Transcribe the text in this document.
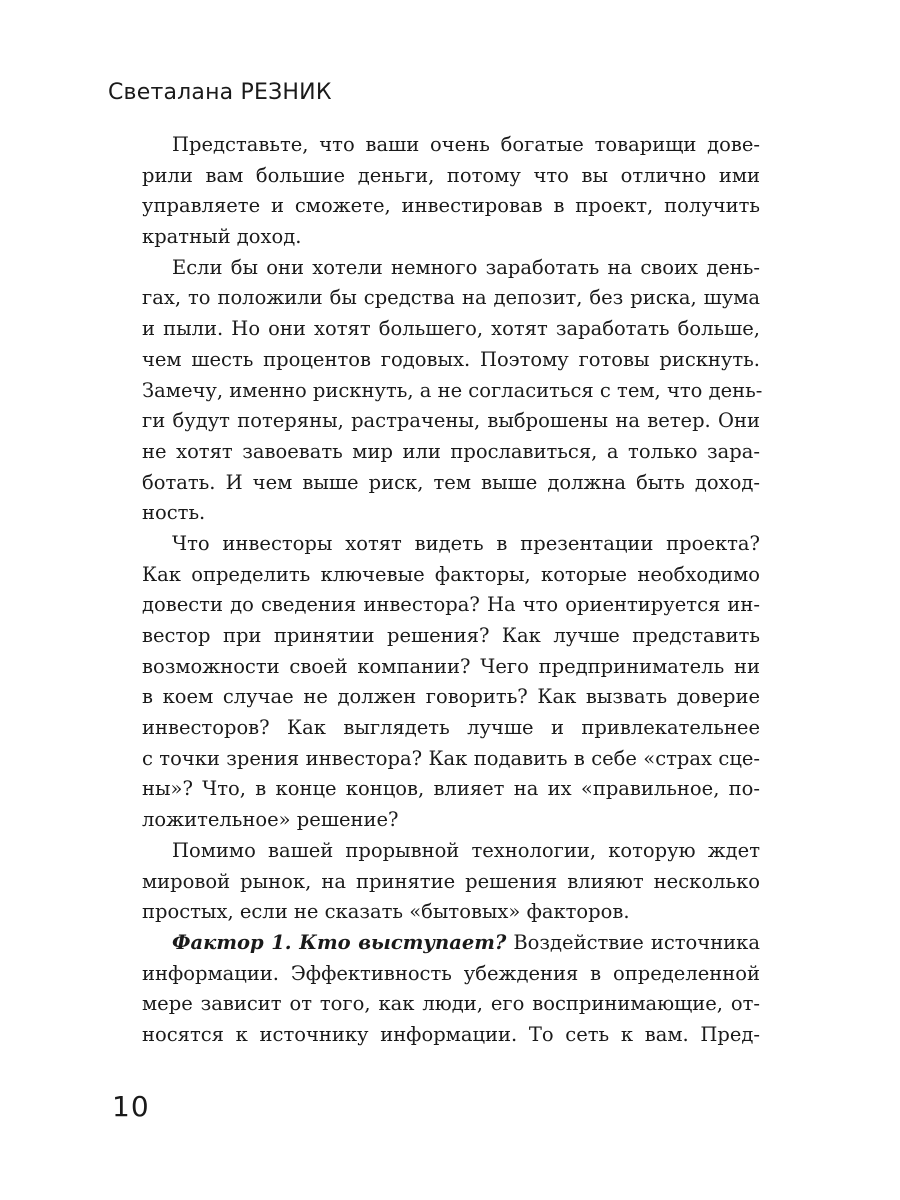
Светалана РЕЗНИК
Представьте, что ваши очень богатые товарищи дове-
рили вам большие деньги, потому что вы отлично ими
управляете и сможете, инвестировав в проект, получить
кратный доход.
Если бы они хотели немного заработать на своих день-
гах, то положили бы средства на депозит, без риска, шума
и пыли. Но они хотят большего, хотят заработать больше,
чем шесть процентов годовых. Поэтому готовы рискнуть.
Замечу, именно рискнуть, а не согласиться с тем, что день-
ги будут потеряны, растрачены, выброшены на ветер. Они
не хотят завоевать мир или прославиться, а только зара-
ботать. И чем выше риск, тем выше должна быть доход-
ность.
Что инвесторы хотят видеть в презентации проекта?
Как определить ключевые факторы, которые необходимо
довести до сведения инвестора? На что ориентируется ин-
вестор при принятии решения? Как лучше представить
возможности своей компании? Чего предприниматель ни
в коем случае не должен говорить? Как вызвать доверие
инвесторов? Как выглядеть лучше и привлекательнее
с точки зрения инвестора? Как подавить в себе «страх сце-
ны»? Что, в конце концов, влияет на их «правильное, по-
ложительное» решение?
Помимо вашей прорывной технологии, которую ждет
мировой рынок, на принятие решения влияют несколько
простых, если не сказать «бытовых» факторов.
Фактор 1. Кто выступает? Воздействие источника
информации. Эффективность убеждения в определенной
мере зависит от того, как люди, его воспринимающие, от-
носятся к источнику информации. То сеть к вам. Пред-
10
